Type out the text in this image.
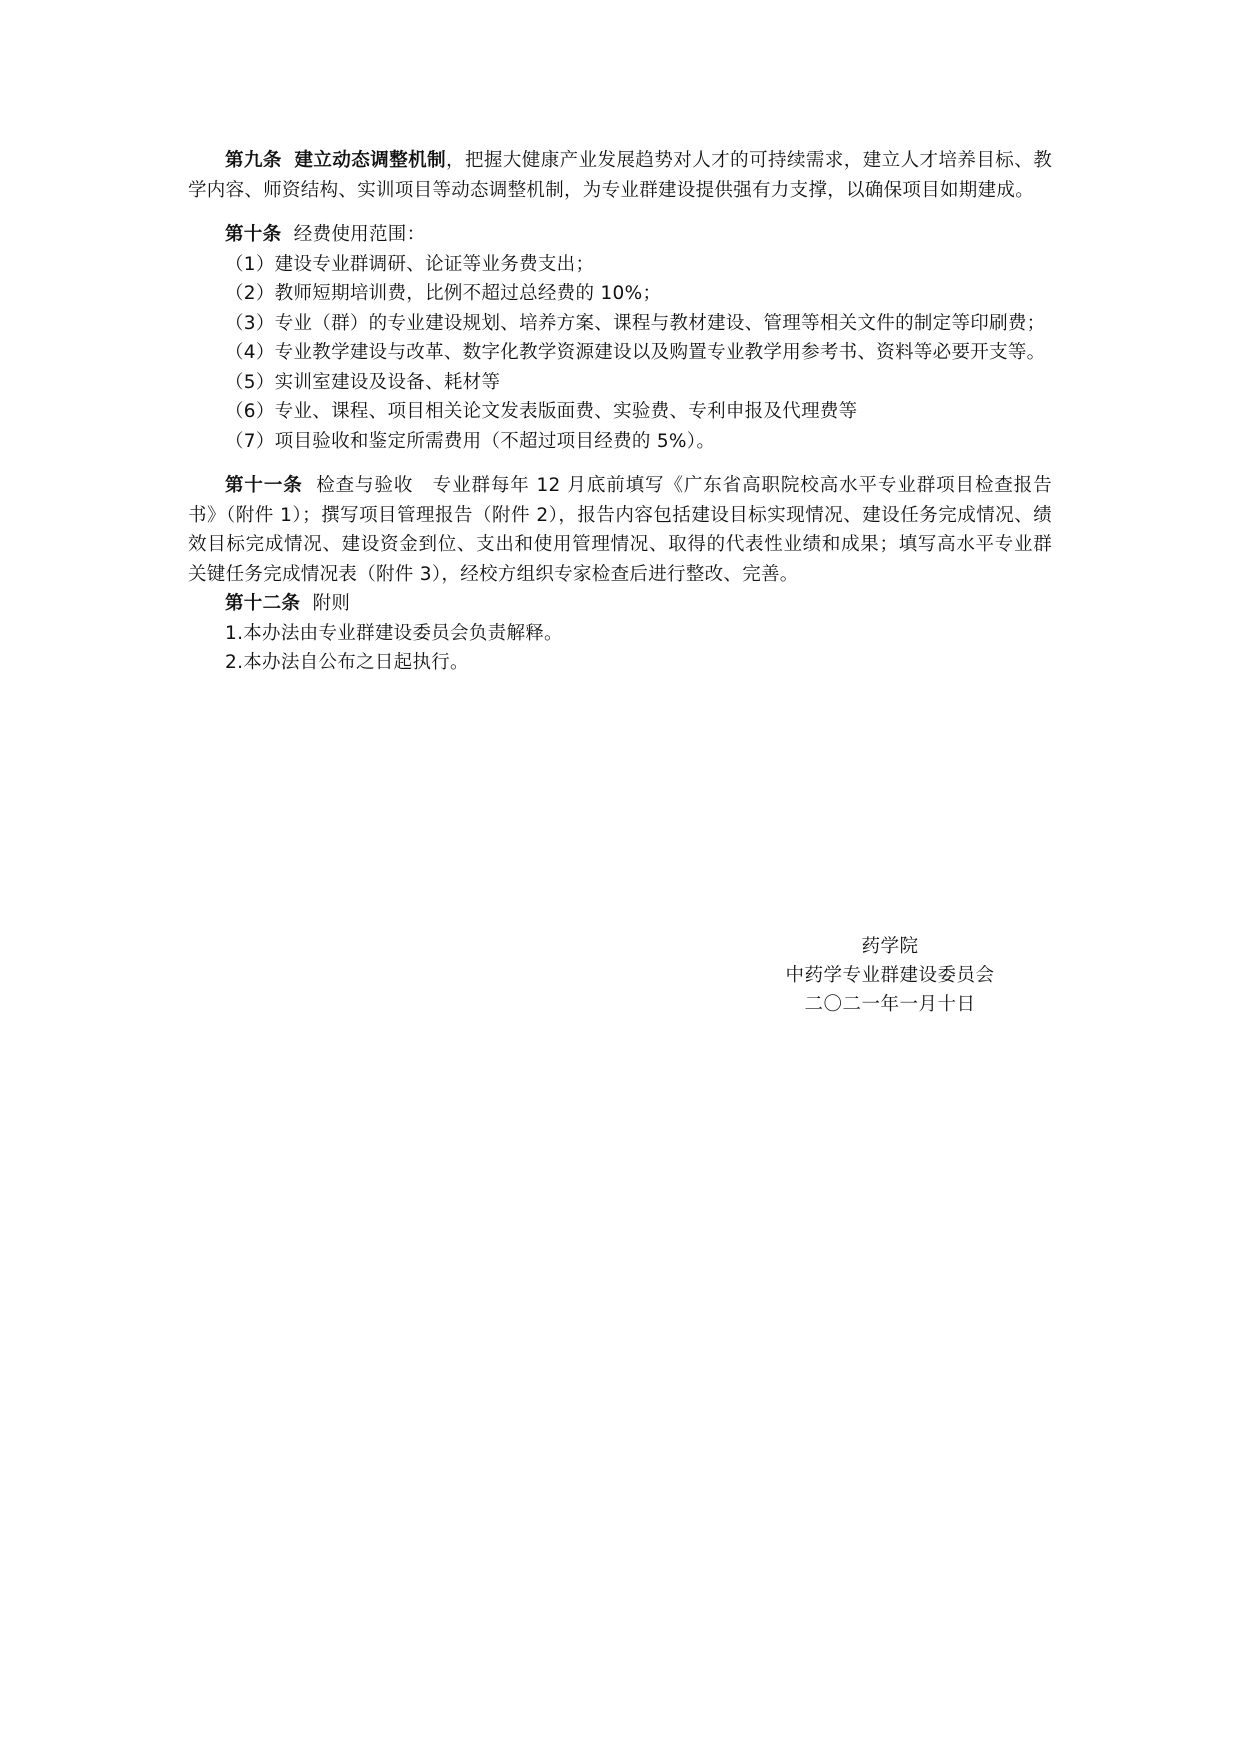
第九条 建立动态调整机制，把握大健康产业发展趋势对人才的可持续需求，建立人才培养目标、教学内容、师资结构、实训项目等动态调整机制，为专业群建设提供强有力支撑，以确保项目如期建成。

第十条 经费使用范围：

（1）建设专业群调研、论证等业务费支出；

（2）教师短期培训费，比例不超过总经费的 10%；

（3）专业（群）的专业建设规划、培养方案、课程与教材建设、管理等相关文件的制定等印刷费；

（4）专业教学建设与改革、数字化教学资源建设以及购置专业教学用参考书、资料等必要开支等。

（5）实训室建设及设备、耗材等

（6）专业、课程、项目相关论文发表版面费、实验费、专利申报及代理费等

（7）项目验收和鉴定所需费用（不超过项目经费的 5%）。

第十一条 检查与验收　专业群每年 12 月底前填写《广东省高职院校高水平专业群项目检查报告书》（附件 1）；撰写项目管理报告（附件 2），报告内容包括建设目标实现情况、建设任务完成情况、绩效目标完成情况、建设资金到位、支出和使用管理情况、取得的代表性业绩和成果；填写高水平专业群关键任务完成情况表（附件 3），经校方组织专家检查后进行整改、完善。

第十二条 附则

1.本办法由专业群建设委员会负责解释。

2.本办法自公布之日起执行。

药学院
中药学专业群建设委员会
二〇二一年一月十日
